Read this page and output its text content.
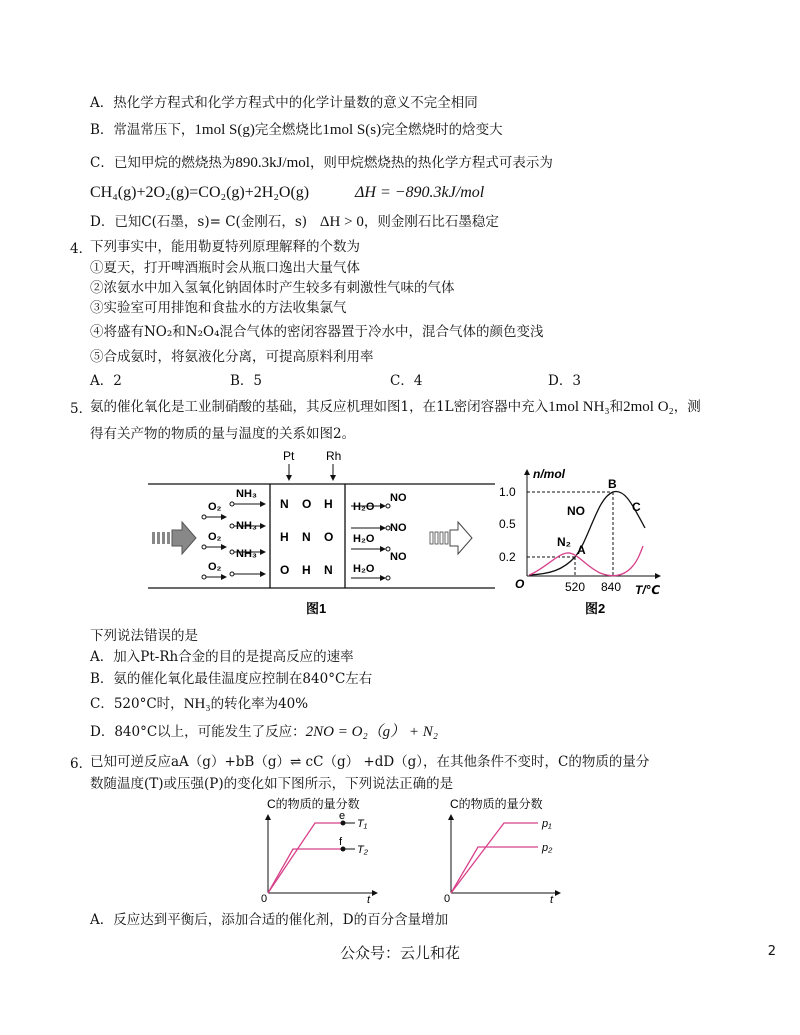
A．热化学方程式和化学方程式中的化学计量数的意义不完全相同
B．常温常压下，1mol S(g)完全燃烧比1mol S(s)完全燃烧时的焓变大
C．已知甲烷的燃烧热为890.3kJ/mol，则甲烷燃烧热的热化学方程式可表示为
CH₄(g)+2O₂(g)=CO₂(g)+2H₂O(g)	ΔH = −890.3kJ/mol
D．已知C(石墨，s)= C(金刚石，s) ΔH > 0，则金刚石比石墨稳定
4．
下列事实中，能用勒夏特列原理解释的个数为
①夏天，打开啤酒瓶时会从瓶口逸出大量气体
②浓氨水中加入氢氧化钠固体时产生较多有刺激性气味的气体
③实验室可用排饱和食盐水的方法收集氯气
④将盛有NO₂和N₂O₄混合气体的密闭容器置于冷水中，混合气体的颜色变浅
⑤合成氨时，将氨液化分离，可提高原料利用率
A．2	B．5	C．4	D．3
5．
氨的催化氧化是工业制硝酸的基础，其反应机理如图1，在1L密闭容器中充入1mol NH₃和2mol O₂，测
得有关产物的物质的量与温度的关系如图2。
Pt	Rh
N O H
H N O
O H N
NH₃
O₂
NH₃
O₂
NH₃
O₂
H₂O
NO
NO
H₂O
NO
H₂O
图1
n/mol
T/℃
O
1.0
0.5
0.2
520 840
A
B
C
NO
N₂
图2
下列说法错误的是
A．加入Pt-Rh合金的目的是提高反应的速率
B．氨的催化氧化最佳温度应控制在840°C左右
C．520°C时，NH₃的转化率为40%
D．840°C以上，可能发生了反应：2NO = O₂（g） + N₂
6．
已知可逆反应aA（g）+bB（g）⇌ cC（g） +dD（g），在其他条件不变时，C的物质的量分
数随温度(T)或压强(P)的变化如下图所示，下列说法正确的是
C的物质的量分数
0	t
e
f
T₁
T₂
C的物质的量分数
0	t
p₁
p₂
A．反应达到平衡后，添加合适的催化剂，D的百分含量增加
公众号：云儿和花	2
